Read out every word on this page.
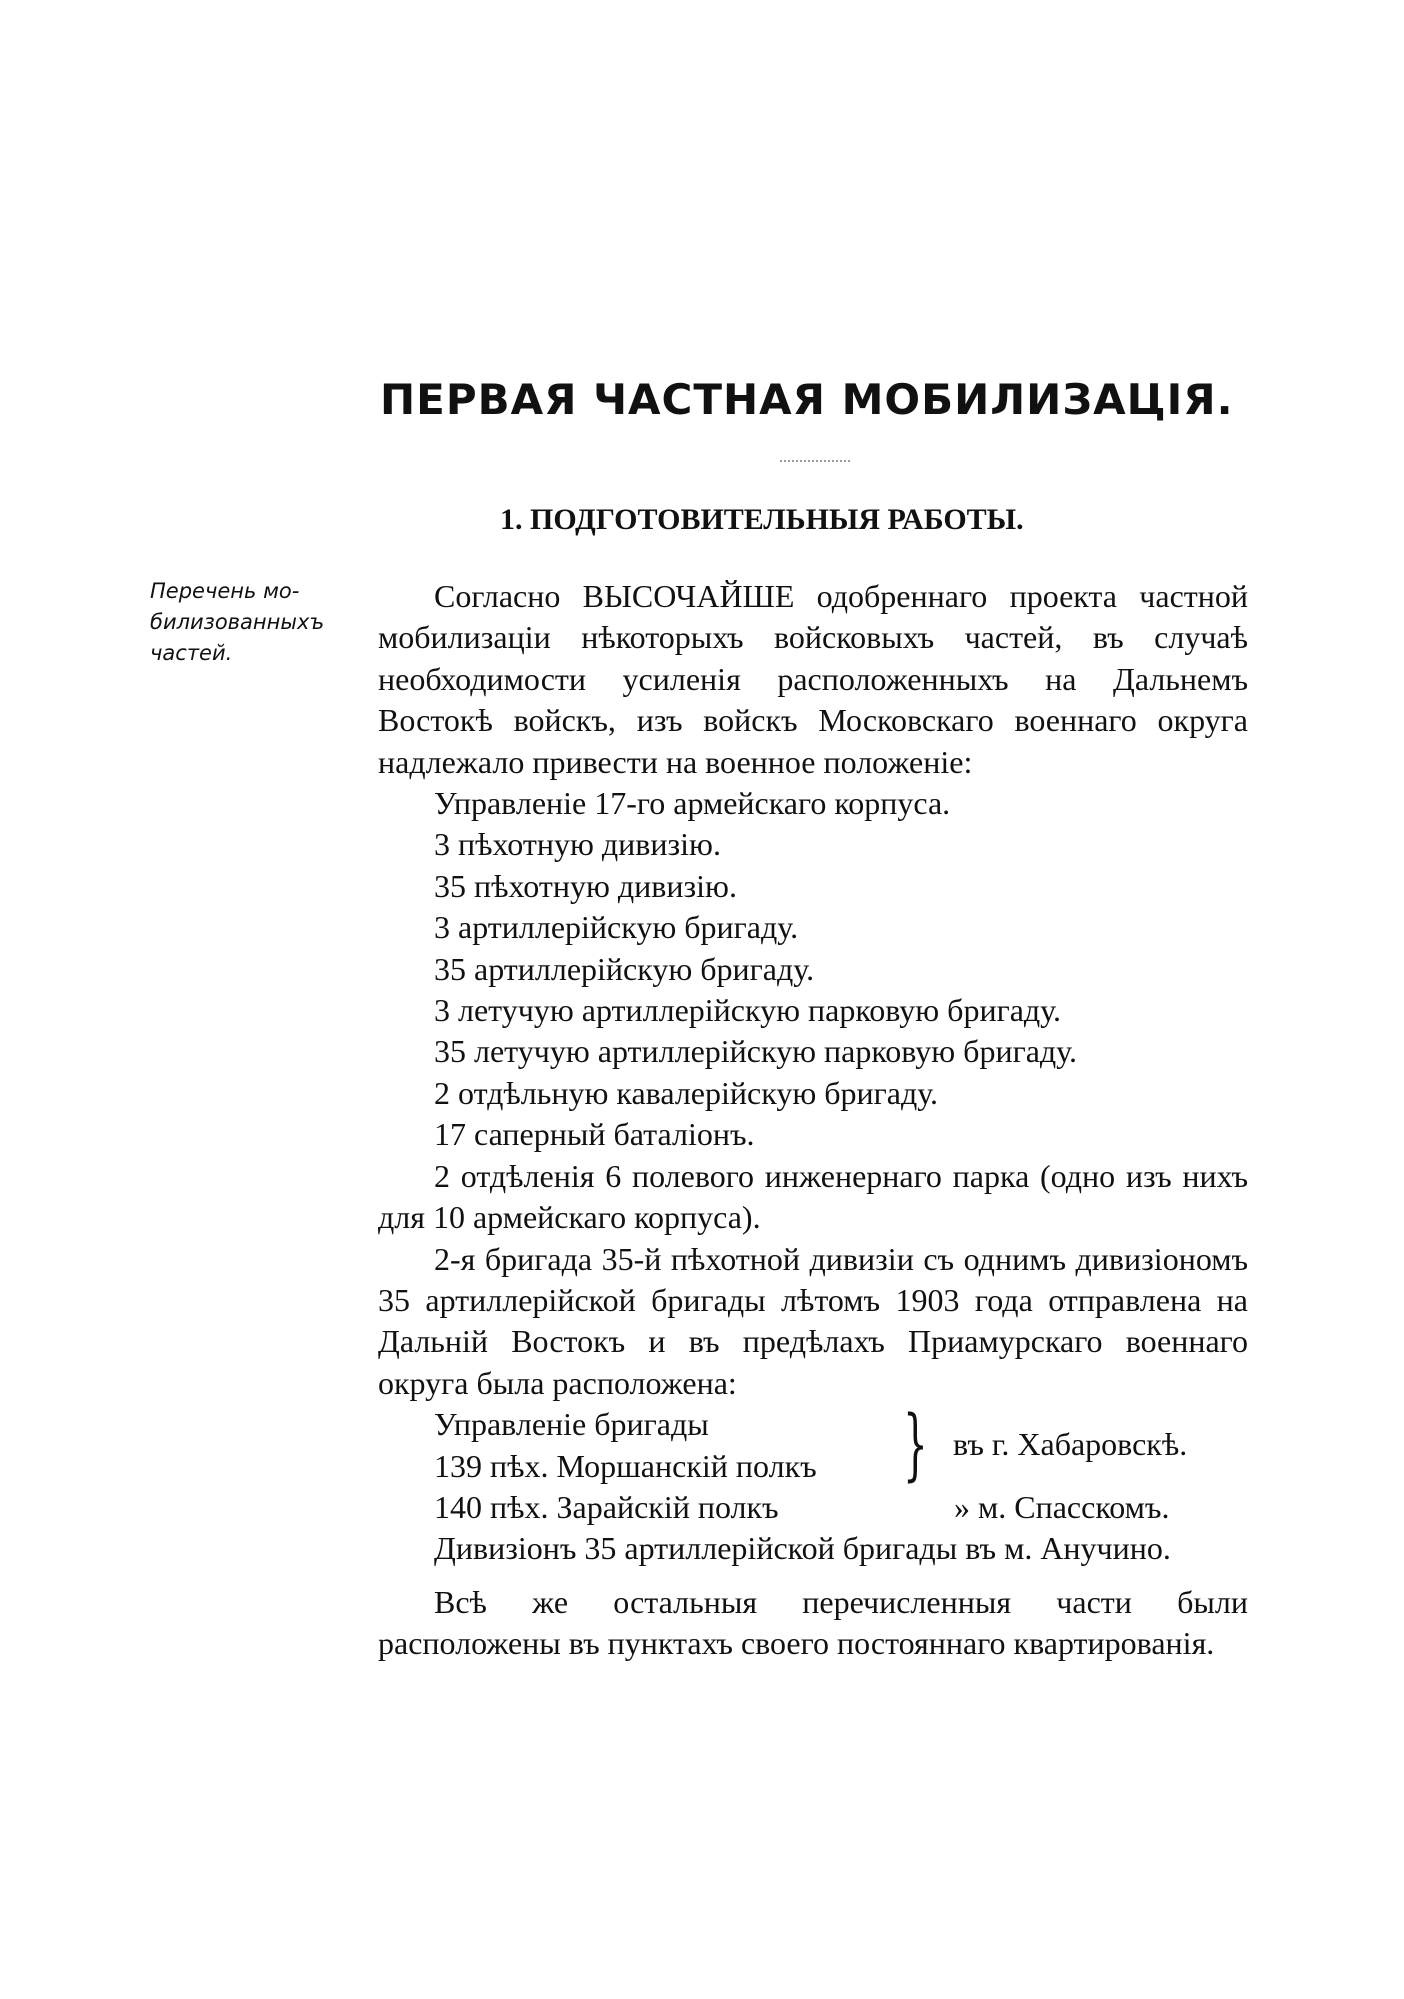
ПЕРВАЯ ЧАСТНАЯ МОБИЛИЗАЦІЯ.
1. ПОДГОТОВИТЕЛЬНЫЯ РАБОТЫ.
Перечень мо-
билизованныхъ
частей.

Согласно ВЫСОЧАЙШЕ одобреннаго проекта частной мобилизаціи нѣкоторыхъ войсковыхъ частей, въ случаѣ необходимости усиленія расположенныхъ на Дальнемъ Востокѣ войскъ, изъ войскъ Московскаго военнаго округа надлежало привести на военное положеніе:

Управленіе 17-го армейскаго корпуса.

3 пѣхотную дивизію.

35 пѣхотную дивизію.

3 артиллерійскую бригаду.

35 артиллерійскую бригаду.

3 летучую артиллерійскую парковую бригаду.

35 летучую артиллерійскую парковую бригаду.

2 отдѣльную кавалерійскую бригаду.

17 саперный баталіонъ.

2 отдѣленія 6 полевого инженернаго парка (одно изъ нихъ для 10 армейскаго корпуса).

2-я бригада 35-й пѣхотной дивизіи съ однимъ дивизіономъ 35 артиллерійской бригады лѣтомъ 1903 года отправлена на Дальній Востокъ и въ предѣлахъ Приамурскаго военнаго округа была расположена:

Управленіе бригады
139 пѣх. Моршанскій полкъ	} въ г. Хабаровскѣ.
140 пѣх. Зарайскій полкъ	» м. Спасскомъ.

Дивизіонъ 35 артиллерійской бригады въ м. Анучино.

Всѣ же остальныя перечисленныя части были расположены въ пунктахъ своего постояннаго квартированія.
